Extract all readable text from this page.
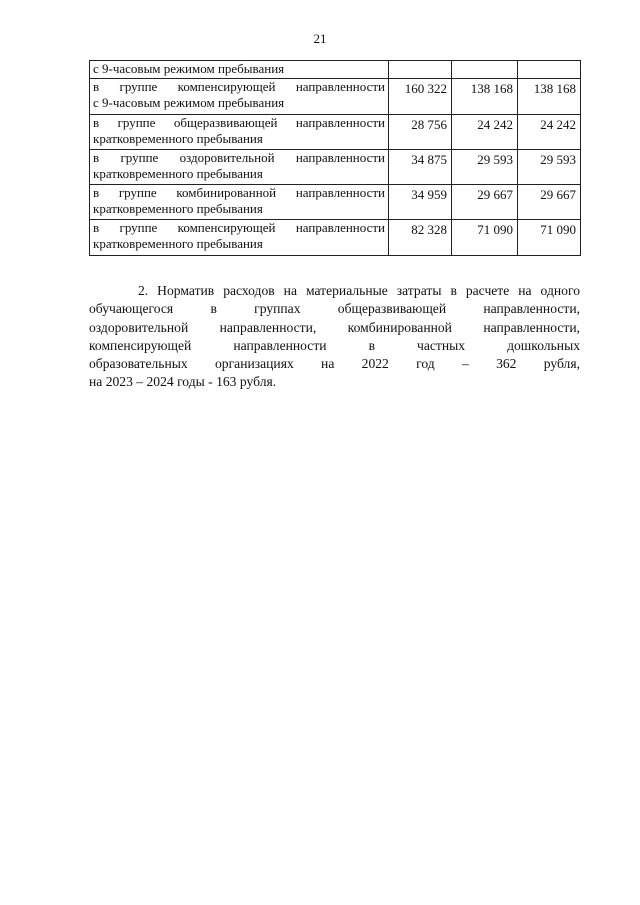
21
с 9-часовым режимом пребывания			

в группе компенсирующей направленности
с 9-часовым режимом пребывания	160 322	138 168	138 168

в группе общеразвивающей направленности
кратковременного пребывания	28 756	24 242	24 242

в группе оздоровительной направленности
кратковременного пребывания	34 875	29 593	29 593

в группе комбинированной направленности
кратковременного пребывания	34 959	29 667	29 667

в группе компенсирующей направленности
кратковременного пребывания	82 328	71 090	71 090
2. Норматив расходов на материальные затраты в расчете на одного
обучающегося в группах общеразвивающей направленности,
оздоровительной направленности, комбинированной направленности,
компенсирующей направленности в частных дошкольных
образовательных организациях на 2022 год – 362 рубля,
на 2023 – 2024 годы - 163 рубля.
